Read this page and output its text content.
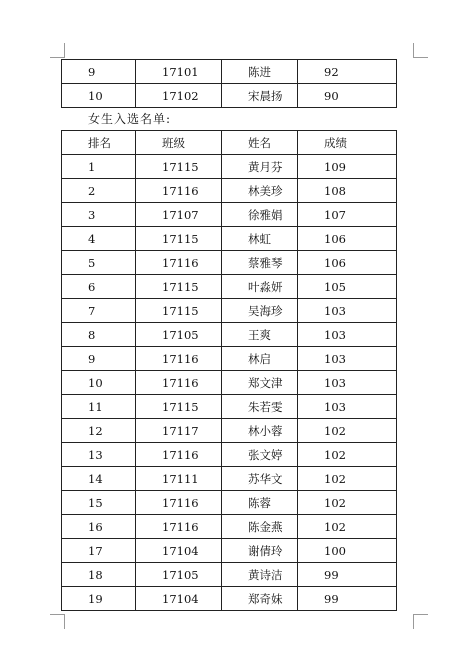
9	17101	陈进	92
10	17102	宋晨扬	90
女生入选名单:
排名	班级	姓名	成绩
1	17115	黄月芬	109
2	17116	林美珍	108
3	17107	徐雅娟	107
4	17115	林虹	106
5	17116	蔡雅琴	106
6	17115	叶淼妍	105
7	17115	吴海珍	103
8	17105	王爽	103
9	17116	林启	103
10	17116	郑文津	103
11	17115	朱若雯	103
12	17117	林小蓉	102
13	17116	张文婷	102
14	17111	苏华文	102
15	17116	陈蓉	102
16	17116	陈金燕	102
17	17104	谢倩玲	100
18	17105	黄诗洁	99
19	17104	郑奇妹	99
